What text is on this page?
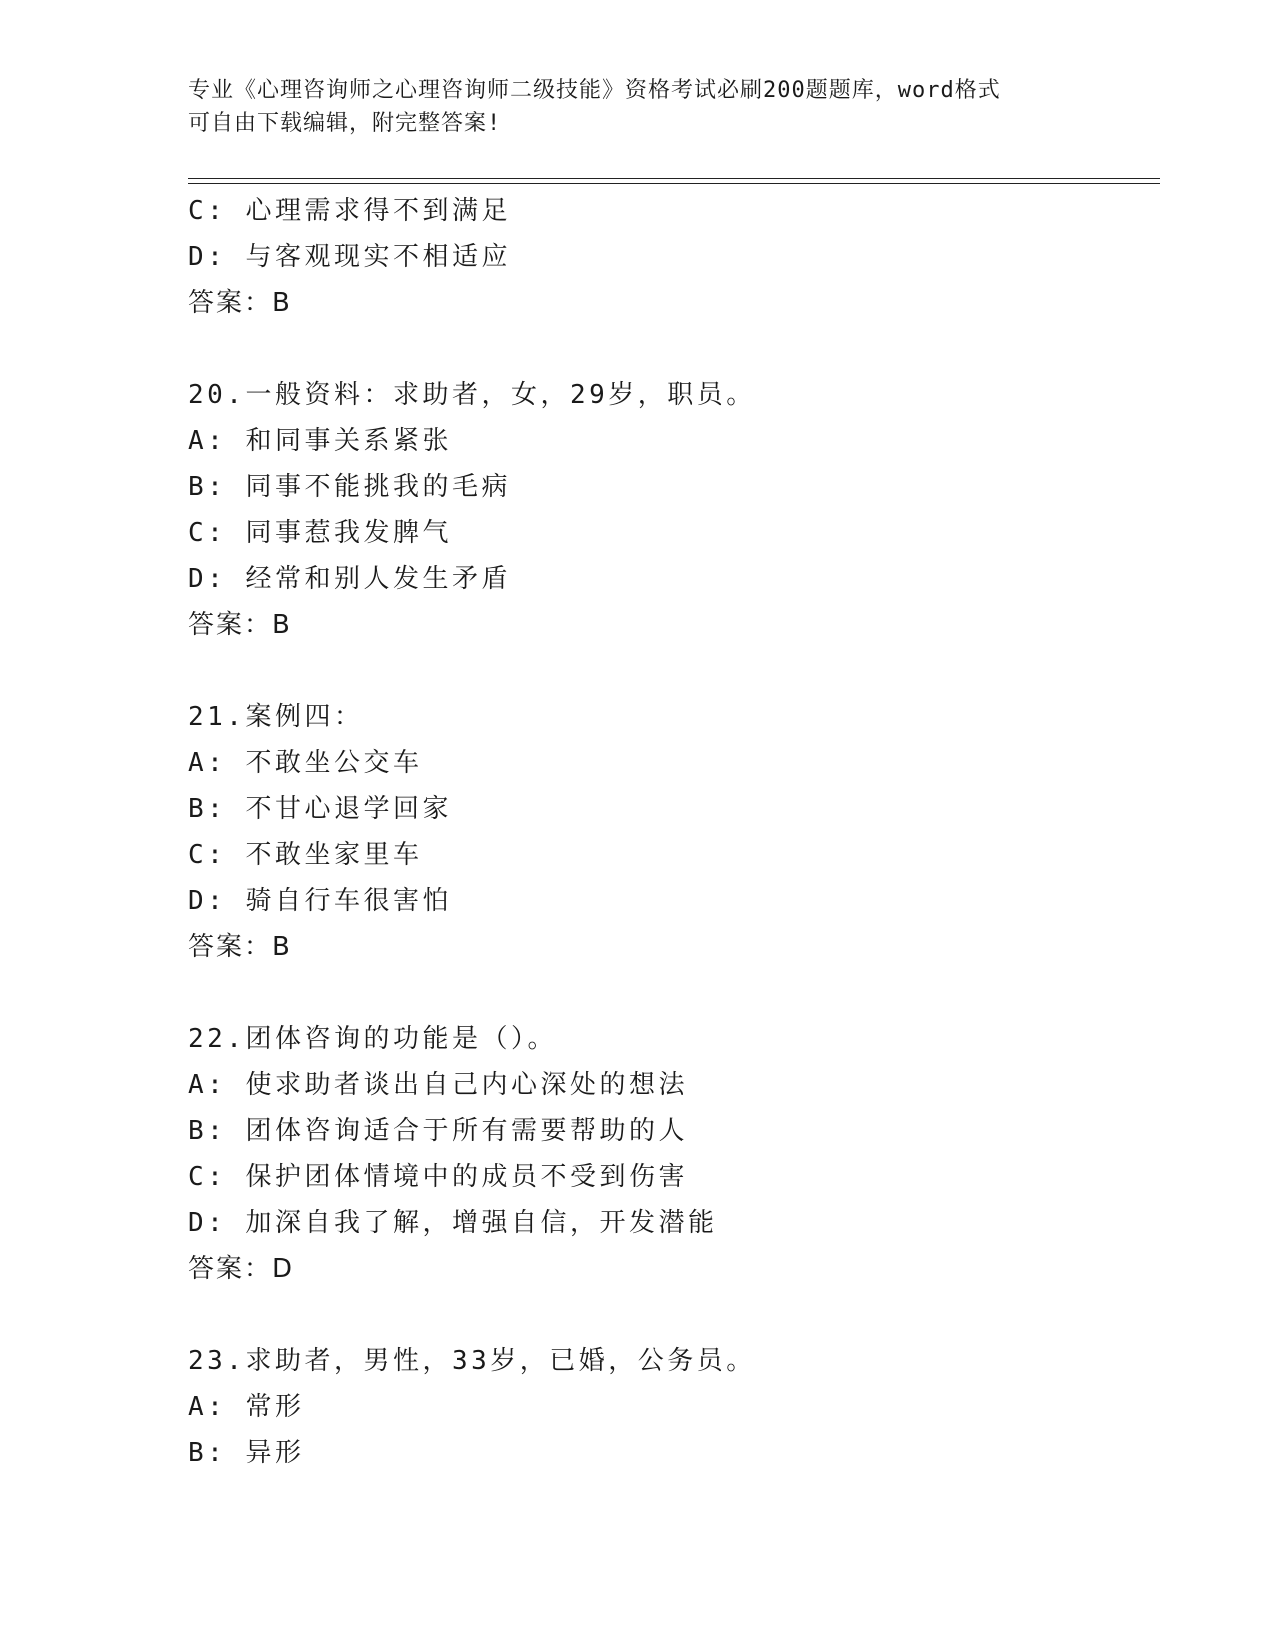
专业《心理咨询师之心理咨询师二级技能》资格考试必刷200题题库，word格式
可自由下载编辑，附完整答案!
C: 心理需求得不到满足
D: 与客观现实不相适应
答案：B
20.一般资料：求助者，女，29岁，职员。
A: 和同事关系紧张
B: 同事不能挑我的毛病
C: 同事惹我发脾气
D: 经常和别人发生矛盾
答案：B
21.案例四：
A: 不敢坐公交车
B: 不甘心退学回家
C: 不敢坐家里车
D: 骑自行车很害怕
答案：B
22.团体咨询的功能是（）。
A: 使求助者谈出自己内心深处的想法
B: 团体咨询适合于所有需要帮助的人
C: 保护团体情境中的成员不受到伤害
D: 加深自我了解，增强自信，开发潜能
答案：D
23.求助者，男性，33岁，已婚，公务员。
A: 常形
B: 异形
